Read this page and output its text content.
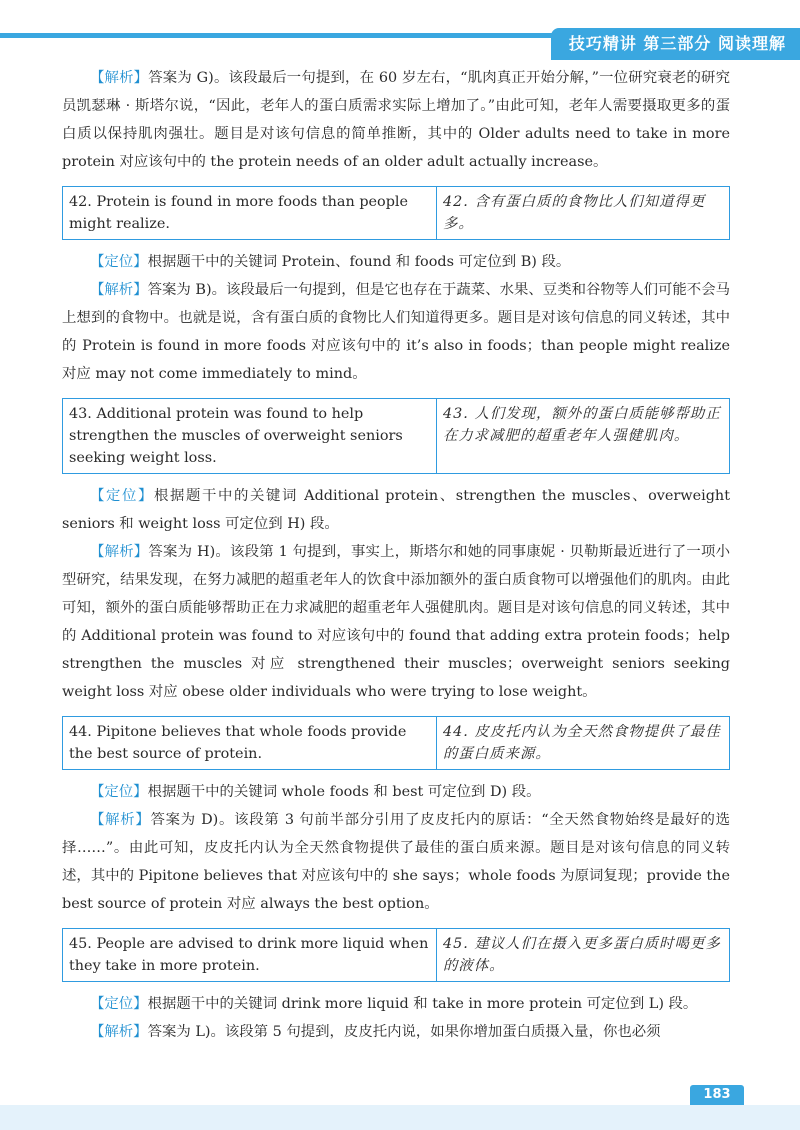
技巧精讲 第三部分 阅读理解

【解析】答案为 G)。该段最后一句提到，在 60 岁左右，“肌肉真正开始分解，”一位研究衰老的研究员凯瑟琳 · 斯塔尔说，“因此，老年人的蛋白质需求实际上增加了。”由此可知，老年人需要摄取更多的蛋白质以保持肌肉强壮。题目是对该句信息的简单推断，其中的 Older adults need to take in more protein 对应该句中的 the protein needs of an older adult actually increase。

42. Protein is found in more foods than people might realize.
42. 含有蛋白质的食物比人们知道得更多。

【定位】根据题干中的关键词 Protein、found 和 foods 可定位到 B) 段。

【解析】答案为 B)。该段最后一句提到，但是它也存在于蔬菜、水果、豆类和谷物等人们可能不会马上想到的食物中。也就是说，含有蛋白质的食物比人们知道得更多。题目是对该句信息的同义转述，其中的 Protein is found in more foods 对应该句中的 it’s also in foods；than people might realize 对应 may not come immediately to mind。

43. Additional protein was found to help strengthen the muscles of overweight seniors seeking weight loss.
43. 人们发现，额外的蛋白质能够帮助正在力求减肥的超重老年人强健肌肉。

【定位】根据题干中的关键词 Additional protein、strengthen the muscles、overweight seniors 和 weight loss 可定位到 H) 段。

【解析】答案为 H)。该段第 1 句提到，事实上，斯塔尔和她的同事康妮 · 贝勒斯最近进行了一项小型研究，结果发现，在努力减肥的超重老年人的饮食中添加额外的蛋白质食物可以增强他们的肌肉。由此可知，额外的蛋白质能够帮助正在力求减肥的超重老年人强健肌肉。题目是对该句信息的同义转述，其中的 Additional protein was found to 对应该句中的 found that adding extra protein foods；help strengthen the muscles 对应 strengthened their muscles；overweight seniors seeking weight loss 对应 obese older individuals who were trying to lose weight。

44. Pipitone believes that whole foods provide the best source of protein.
44. 皮皮托内认为全天然食物提供了最佳的蛋白质来源。

【定位】根据题干中的关键词 whole foods 和 best 可定位到 D) 段。

【解析】答案为 D)。该段第 3 句前半部分引用了皮皮托内的原话：“全天然食物始终是最好的选择……”。由此可知，皮皮托内认为全天然食物提供了最佳的蛋白质来源。题目是对该句信息的同义转述，其中的 Pipitone believes that 对应该句中的 she says；whole foods 为原词复现；provide the best source of protein 对应 always the best option。

45. People are advised to drink more liquid when they take in more protein.
45. 建议人们在摄入更多蛋白质时喝更多的液体。

【定位】根据题干中的关键词 drink more liquid 和 take in more protein 可定位到 L) 段。

【解析】答案为 L)。该段第 5 句提到，皮皮托内说，如果你增加蛋白质摄入量，你也必须

183
